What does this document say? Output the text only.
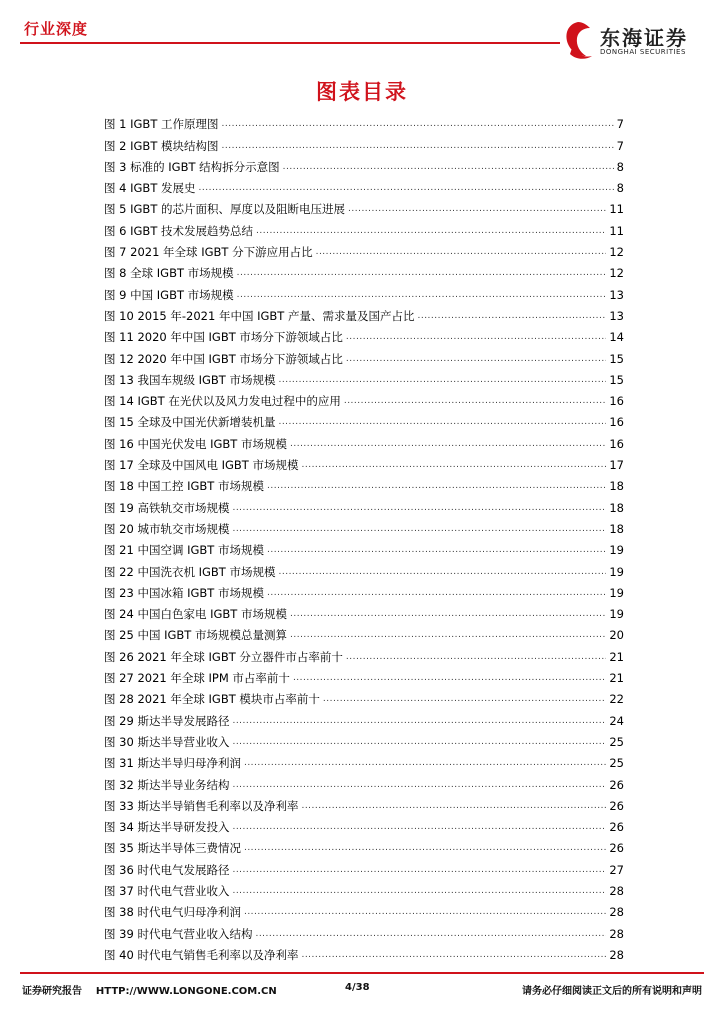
行业深度	东海证券
DONGHAI SECURITIES
图表目录
图 1 IGBT 工作原理图 .....	7
图 2 IGBT 模块结构图 .....	7
图 3 标准的 IGBT 结构拆分示意图 .....	8
图 4 IGBT 发展史 .....	8
图 5 IGBT 的芯片面积、厚度以及阻断电压进展 .....	11
图 6 IGBT 技术发展趋势总结 .....	11
图 7 2021 年全球 IGBT 分下游应用占比 .....	12
图 8 全球 IGBT 市场规模 .....	12
图 9 中国 IGBT 市场规模 .....	13
图 10 2015 年-2021 年中国 IGBT 产量、需求量及国产占比 .....	13
图 11 2020 年中国 IGBT 市场分下游领域占比 .....	14
图 12 2020 年中国 IGBT 市场分下游领域占比 .....	15
图 13 我国车规级 IGBT 市场规模 .....	15
图 14 IGBT 在光伏以及风力发电过程中的应用 .....	16
图 15 全球及中国光伏新增装机量 .....	16
图 16 中国光伏发电 IGBT 市场规模 .....	16
图 17 全球及中国风电 IGBT 市场规模 .....	17
图 18 中国工控 IGBT 市场规模 .....	18
图 19 高铁轨交市场规模 .....	18
图 20 城市轨交市场规模 .....	18
图 21 中国空调 IGBT 市场规模 .....	19
图 22 中国洗衣机 IGBT 市场规模 .....	19
图 23 中国冰箱 IGBT 市场规模 .....	19
图 24 中国白色家电 IGBT 市场规模 .....	19
图 25 中国 IGBT 市场规模总量测算 .....	20
图 26 2021 年全球 IGBT 分立器件市占率前十 .....	21
图 27 2021 年全球 IPM 市占率前十 .....	21
图 28 2021 年全球 IGBT 模块市占率前十 .....	22
图 29 斯达半导发展路径 .....	24
图 30 斯达半导营业收入 .....	25
图 31 斯达半导归母净利润 .....	25
图 32 斯达半导业务结构 .....	26
图 33 斯达半导销售毛利率以及净利率 .....	26
图 34 斯达半导研发投入 .....	26
图 35 斯达半导体三费情况 .....	26
图 36 时代电气发展路径 .....	27
图 37 时代电气营业收入 .....	28
图 38 时代电气归母净利润 .....	28
图 39 时代电气营业收入结构 .....	28
图 40 时代电气销售毛利率以及净利率 .....	28
证券研究报告    HTTP://WWW.LONGONE.COM.CN	4/38	请务必仔细阅读正文后的所有说明和声明
